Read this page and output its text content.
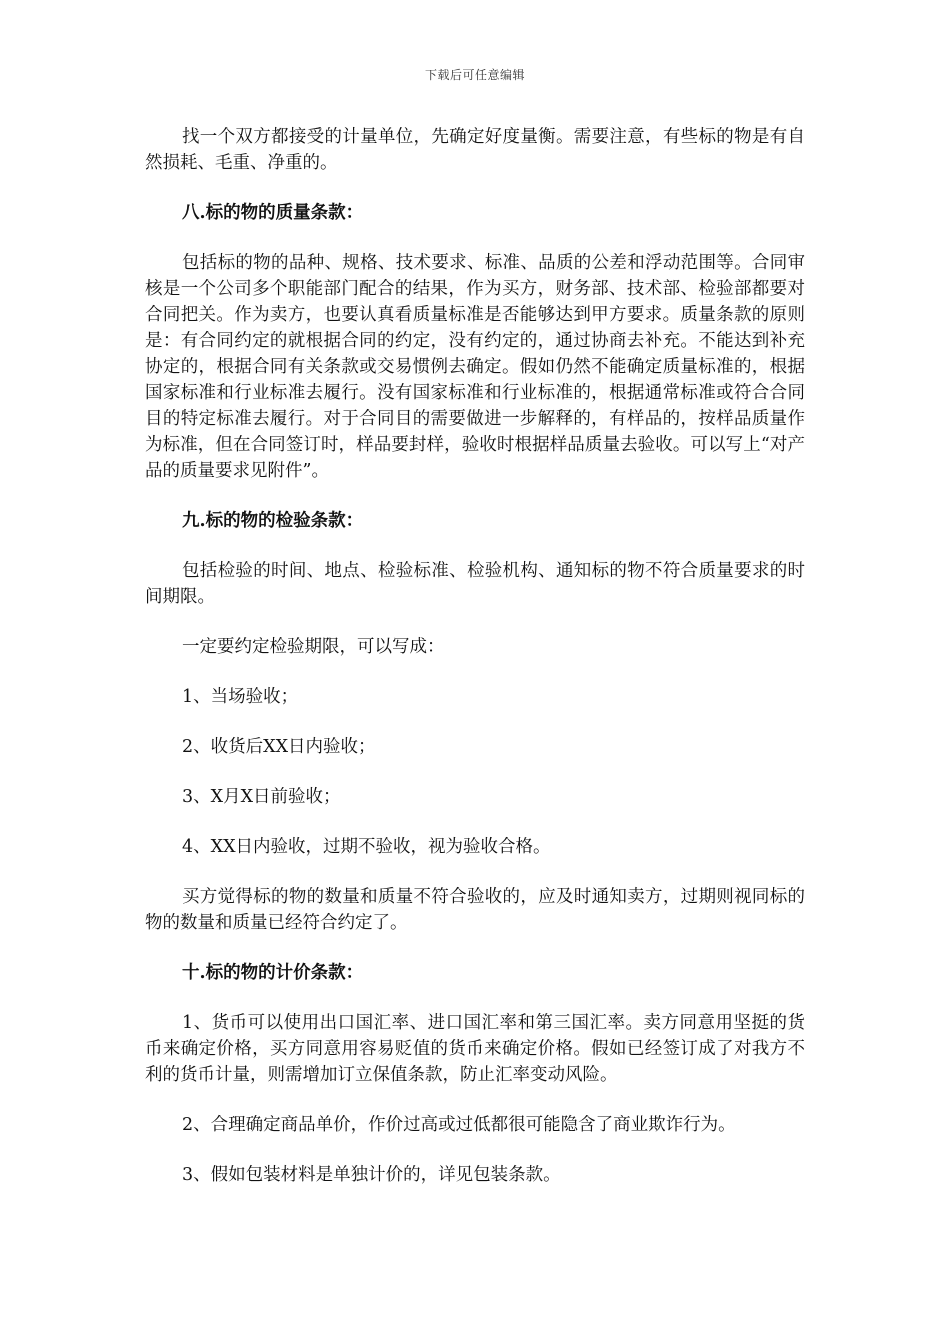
下载后可任意编辑

找一个双方都接受的计量单位，先确定好度量衡。需要注意，有些标的物是有自然损耗、毛重、净重的。

八.标的物的质量条款：

包括标的物的品种、规格、技术要求、标准、品质的公差和浮动范围等。合同审核是一个公司多个职能部门配合的结果，作为买方，财务部、技术部、检验部都要对合同把关。作为卖方，也要认真看质量标准是否能够达到甲方要求。质量条款的原则是：有合同约定的就根据合同的约定，没有约定的，通过协商去补充。不能达到补充协定的，根据合同有关条款或交易惯例去确定。假如仍然不能确定质量标准的，根据国家标准和行业标准去履行。没有国家标准和行业标准的，根据通常标准或符合合同目的特定标准去履行。对于合同目的需要做进一步解释的，有样品的，按样品质量作为标准，但在合同签订时，样品要封样，验收时根据样品质量去验收。可以写上“对产品的质量要求见附件”。

九.标的物的检验条款：

包括检验的时间、地点、检验标准、检验机构、通知标的物不符合质量要求的时间期限。

一定要约定检验期限，可以写成：

1、当场验收；

2、收货后XX日内验收；

3、X月X日前验收；

4、XX日内验收，过期不验收，视为验收合格。

买方觉得标的物的数量和质量不符合验收的，应及时通知卖方，过期则视同标的物的数量和质量已经符合约定了。

十.标的物的计价条款：

1、货币可以使用出口国汇率、进口国汇率和第三国汇率。卖方同意用坚挺的货币来确定价格，买方同意用容易贬值的货币来确定价格。假如已经签订成了对我方不利的货币计量，则需增加订立保值条款，防止汇率变动风险。

2、合理确定商品单价，作价过高或过低都很可能隐含了商业欺诈行为。

3、假如包装材料是单独计价的，详见包装条款。
